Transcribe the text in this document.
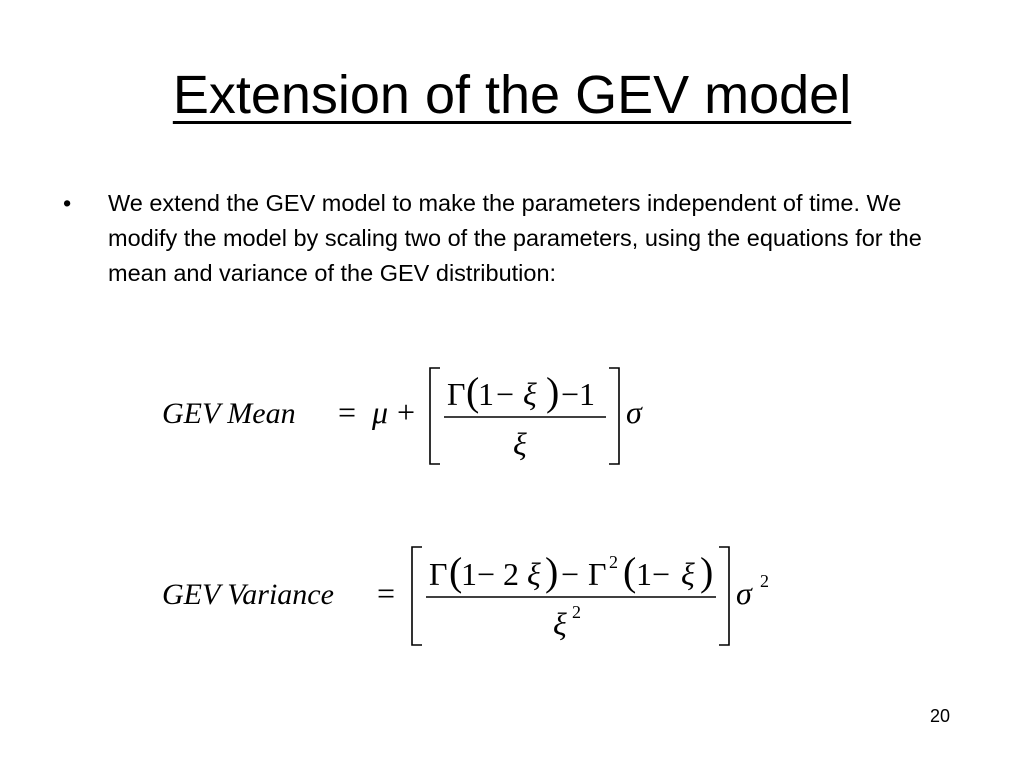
Extension of the GEV model
•	We extend the GEV model to make the parameters independent of time. We modify the model by scaling two of the parameters, using the equations for the mean and variance of the GEV distribution:
GEV Mean = μ + Γ (
1 − ξ ) −1
ξ
σ
GEV Variance =
Γ (
1− 2 ξ ) − Γ 2 ( 1− ξ )
ξ 2
σ 2
20
